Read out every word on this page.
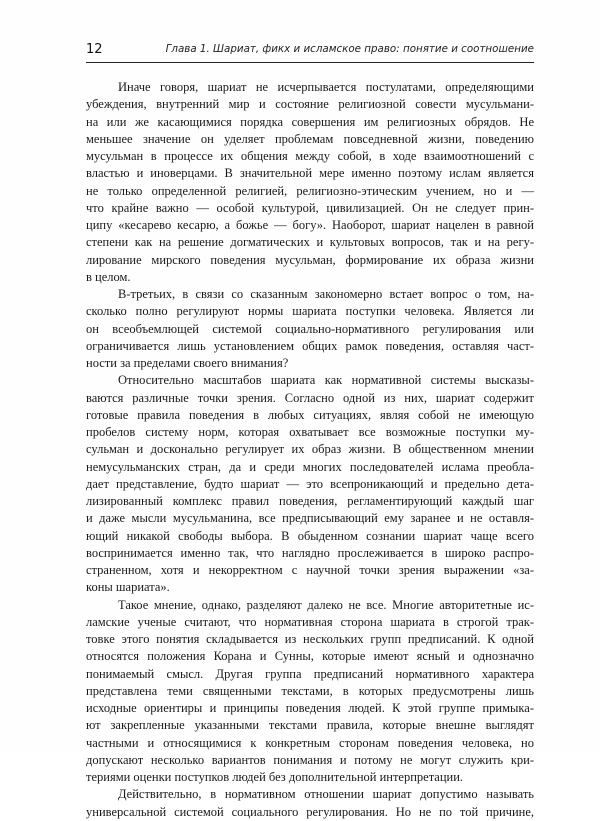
12	Глава 1. Шариат, фикх и исламское право: понятие и соотношение
Иначе говоря, шариат не исчерпывается постулатами, определяющими
убеждения, внутренний мир и состояние религиозной совести мусульмани-
на или же касающимися порядка совершения им религиозных обрядов. Не
меньшее значение он уделяет проблемам повседневной жизни, поведению
мусульман в процессе их общения между собой, в ходе взаимоотношений с
властью и иноверцами. В значительной мере именно поэтому ислам является
не только определенной религией, религиозно-этическим учением, но и —
что крайне важно — особой культурой, цивилизацией. Он не следует прин-
ципу «кесарево кесарю, а божье — богу». Наоборот, шариат нацелен в равной
степени как на решение догматических и культовых вопросов, так и на регу-
лирование мирского поведения мусульман, формирование их образа жизни
в целом.
В-третьих, в связи со сказанным закономерно встает вопрос о том, на-
сколько полно регулируют нормы шариата поступки человека. Является ли
он всеобъемлющей системой социально-нормативного регулирования или
ограничивается лишь установлением общих рамок поведения, оставляя част-
ности за пределами своего внимания?
Относительно масштабов шариата как нормативной системы высказы-
ваются различные точки зрения. Согласно одной из них, шариат содержит
готовые правила поведения в любых ситуациях, являя собой не имеющую
пробелов систему норм, которая охватывает все возможные поступки му-
сульман и досконально регулирует их образ жизни. В общественном мнении
немусульманских стран, да и среди многих последователей ислама преобла-
дает представление, будто шариат — это всепроникающий и предельно дета-
лизированный комплекс правил поведения, регламентирующий каждый шаг
и даже мысли мусульманина, все предписывающий ему заранее и не оставля-
ющий никакой свободы выбора. В обыденном сознании шариат чаще всего
воспринимается именно так, что наглядно прослеживается в широко распро-
страненном, хотя и некорректном с научной точки зрения выражении «за-
коны шариата».
Такое мнение, однако, разделяют далеко не все. Многие авторитетные ис-
ламские ученые считают, что нормативная сторона шариата в строгой трак-
товке этого понятия складывается из нескольких групп предписаний. К одной
относятся положения Корана и Сунны, которые имеют ясный и однозначно
понимаемый смысл. Другая группа предписаний нормативного характера
представлена теми священными текстами, в которых предусмотрены лишь
исходные ориентиры и принципы поведения людей. К этой группе примыка-
ют закрепленные указанными текстами правила, которые внешне выглядят
частными и относящимися к конкретным сторонам поведения человека, но
допускают несколько вариантов понимания и потому не могут служить кри-
териями оценки поступков людей без дополнительной интерпретации.
Действительно, в нормативном отношении шариат допустимо называть
универсальной системой социального регулирования. Но не по той причине,
